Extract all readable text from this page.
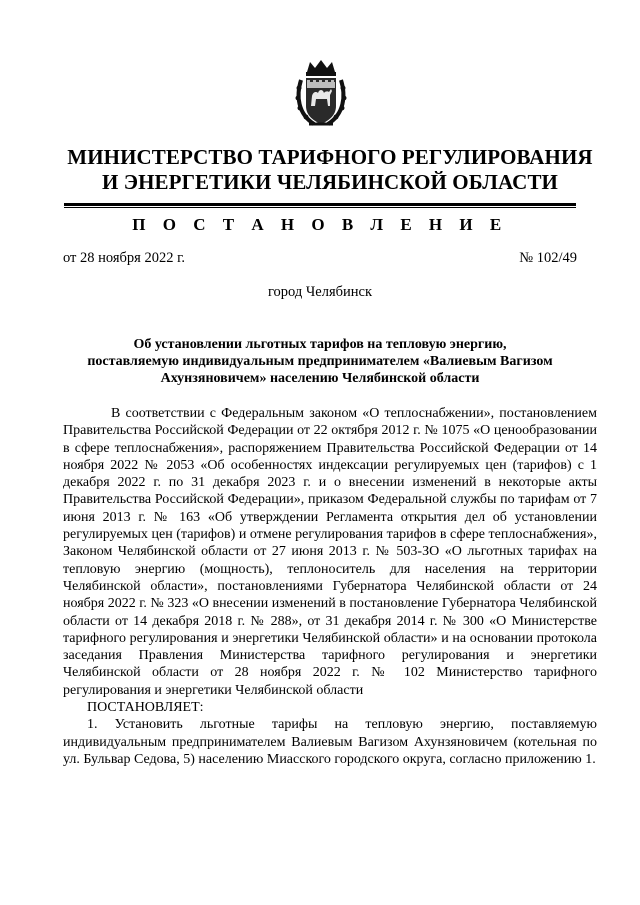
МИНИСТЕРСТВО ТАРИФНОГО РЕГУЛИРОВАНИЯ
И ЭНЕРГЕТИКИ ЧЕЛЯБИНСКОЙ ОБЛАСТИ
П О С Т А Н О В Л Е Н И Е
от 28 ноября 2022 г.	№ 102/49
город Челябинск
Об установлении льготных тарифов на тепловую энергию,
поставляемую индивидуальным предпринимателем «Валиевым Вагизом
Ахунзяновичем» населению Челябинской области

В соответствии с Федеральным законом «О теплоснабжении», постановлением Правительства Российской Федерации от 22 октября 2012 г. № 1075 «О ценообразовании в сфере теплоснабжения», распоряжением Правительства Российской Федерации от 14 ноября 2022 № 2053 «Об особенностях индексации регулируемых цен (тарифов) с 1 декабря 2022 г. по 31 декабря 2023 г. и о внесении изменений в некоторые акты Правительства Российской Федерации», приказом Федеральной службы по тарифам от 7 июня 2013 г. № 163 «Об утверждении Регламента открытия дел об установлении регулируемых цен (тарифов) и отмене регулирования тарифов в сфере теплоснабжения», Законом Челябинской области от 27 июня 2013 г. № 503-ЗО «О льготных тарифах на тепловую энергию (мощность), теплоноситель для населения на территории Челябинской области», постановлениями Губернатора Челябинской области от 24 ноября 2022 г. № 323 «О внесении изменений в постановление Губернатора Челябинской области от 14 декабря 2018 г. № 288», от 31 декабря 2014 г. № 300 «О Министерстве тарифного регулирования и энергетики Челябинской области» и на основании протокола заседания Правления Министерства тарифного регулирования и энергетики Челябинской области от 28 ноября 2022 г. № 102 Министерство тарифного регулирования и энергетики Челябинской области

ПОСТАНОВЛЯЕТ:

1. Установить льготные тарифы на тепловую энергию, поставляемую индивидуальным предпринимателем Валиевым Вагизом Ахунзяновичем (котельная по ул. Бульвар Седова, 5) населению Миасского городского округа, согласно приложению 1.
